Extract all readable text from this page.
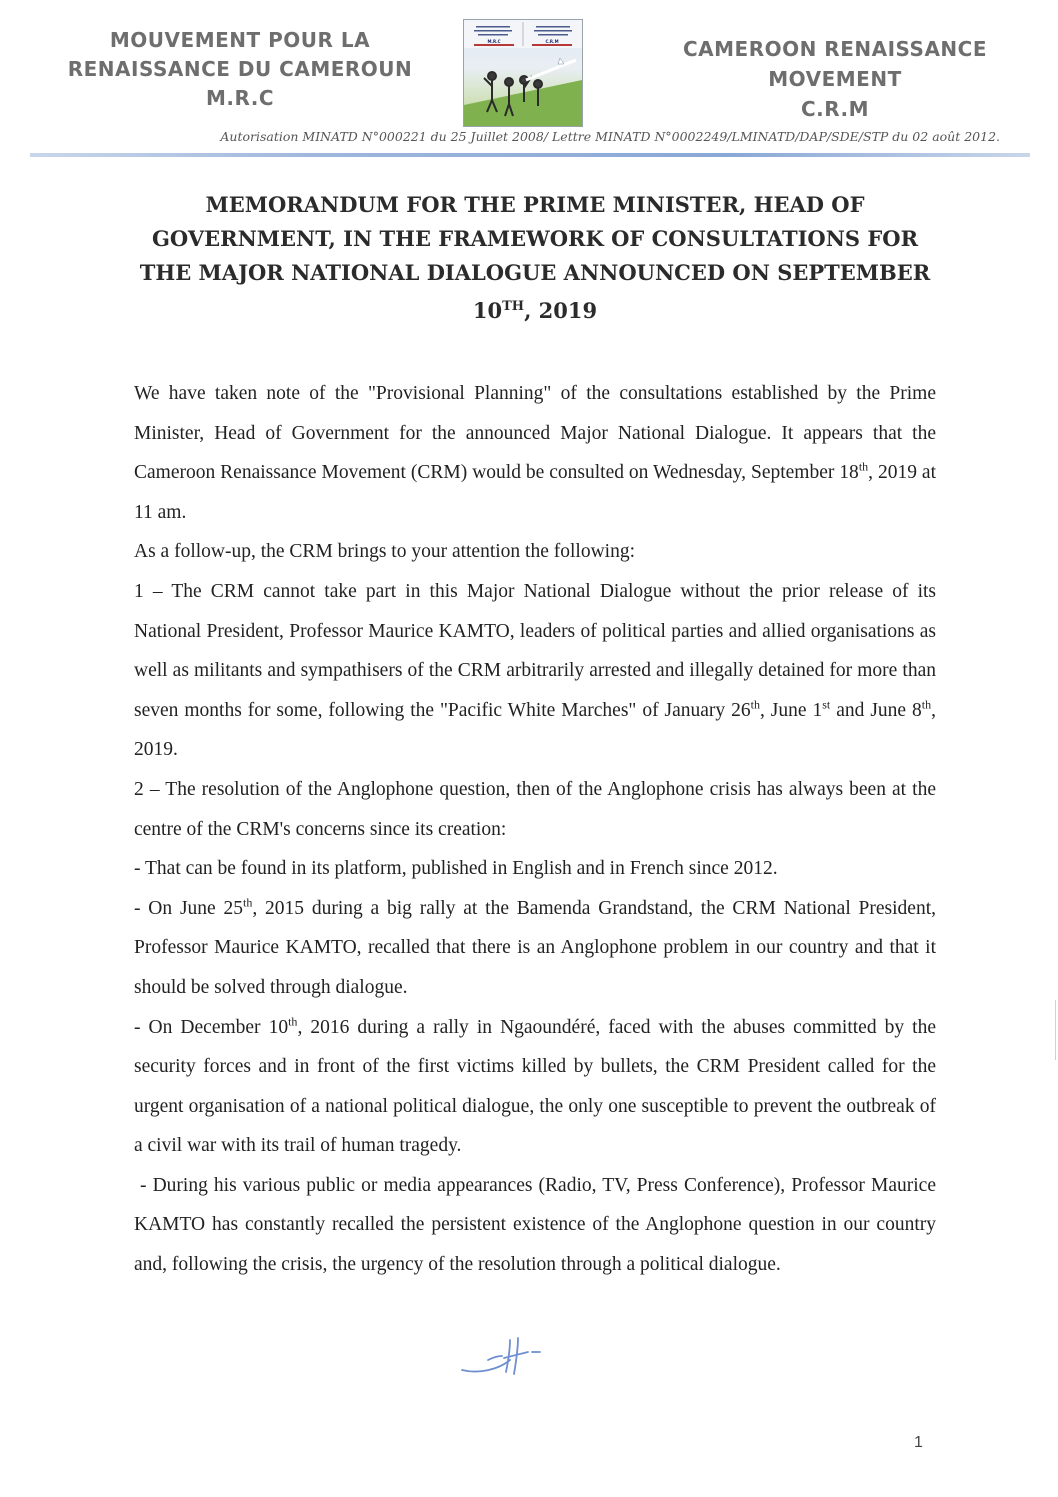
MOUVEMENT POUR LA
RENAISSANCE DU CAMEROUN
M.R.C
M.R.C	C.R.M	CAMEROON RENAISSANCE
MOVEMENT
C.R.M
Autorisation MINATD N°000221 du 25 Juillet 2008/ Lettre MINATD N°0002249/LMINATD/DAP/SDE/STP du 02 août 2012.
MEMORANDUM FOR THE PRIME MINISTER, HEAD OF
GOVERNMENT, IN THE FRAMEWORK OF CONSULTATIONS FOR
THE MAJOR NATIONAL DIALOGUE ANNOUNCED ON SEPTEMBER
10TH, 2019

We have taken note of the "Provisional Planning" of the consultations established by the Prime Minister, Head of Government for the announced Major National Dialogue. It appears that the Cameroon Renaissance Movement (CRM) would be consulted on Wednesday, September 18th, 2019 at 11 am.

As a follow-up, the CRM brings to your attention the following:

1 – The CRM cannot take part in this Major National Dialogue without the prior release of its National President, Professor Maurice KAMTO, leaders of political parties and allied organisations as well as militants and sympathisers of the CRM arbitrarily arrested and illegally detained for more than seven months for some, following the "Pacific White Marches" of January 26th, June 1st and June 8th, 2019.

2 – The resolution of the Anglophone question, then of the Anglophone crisis has always been at the centre of the CRM's concerns since its creation:

- That can be found in its platform, published in English and in French since 2012.

- On June 25th, 2015 during a big rally at the Bamenda Grandstand, the CRM National President, Professor Maurice KAMTO, recalled that there is an Anglophone problem in our country and that it should be solved through dialogue.

- On December 10th, 2016 during a rally in Ngaoundéré, faced with the abuses committed by the security forces and in front of the first victims killed by bullets, the CRM President called for the urgent organisation of a national political dialogue, the only one susceptible to prevent the outbreak of a civil war with its trail of human tragedy.

- During his various public or media appearances (Radio, TV, Press Conference), Professor Maurice KAMTO has constantly recalled the persistent existence of the Anglophone question in our country and, following the crisis, the urgency of the resolution through a political dialogue.

1
